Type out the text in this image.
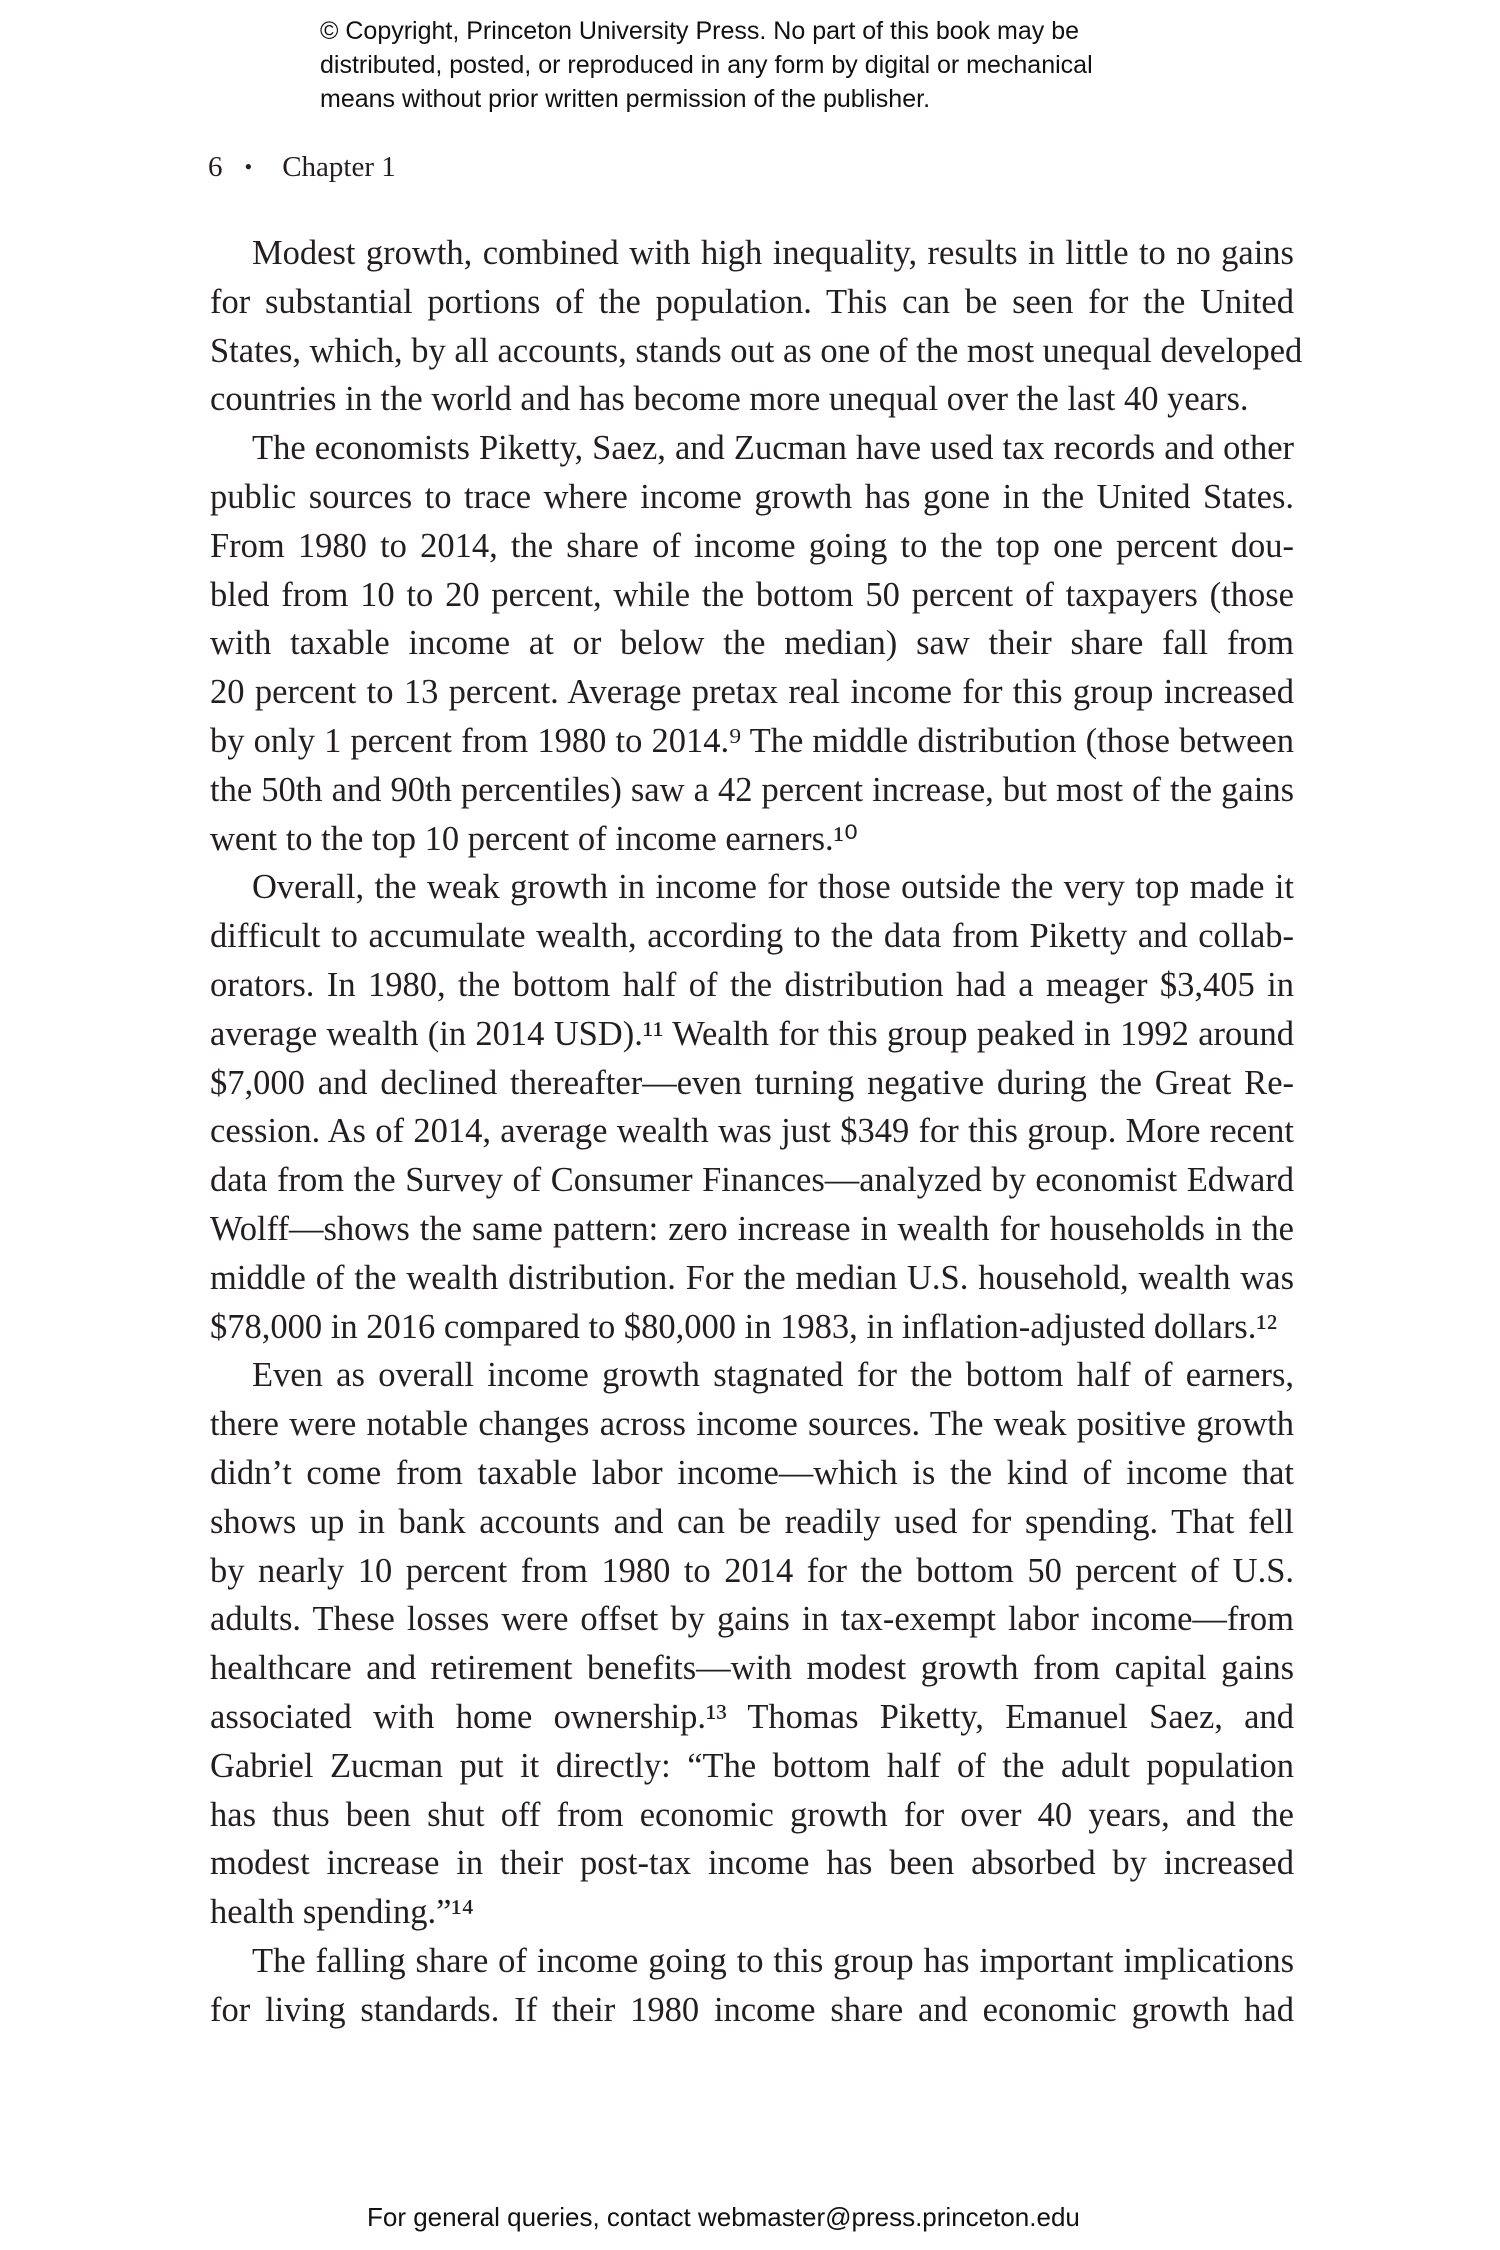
© Copyright, Princeton University Press. No part of this book may be
distributed, posted, or reproduced in any form by digital or mechanical
means without prior written permission of the publisher.
6 • Chapter 1
Modest growth, combined with high inequality, results in little to no gains
for substantial portions of the population. This can be seen for the United
States, which, by all accounts, stands out as one of the most unequal developed
countries in the world and has become more unequal over the last 40 years.
The economists Piketty, Saez, and Zucman have used tax records and other
public sources to trace where income growth has gone in the United States.
From 1980 to 2014, the share of income going to the top one percent dou-
bled from 10 to 20 percent, while the bottom 50 percent of taxpayers (those
with taxable income at or below the median) saw their share fall from
20 percent to 13 percent. Average pretax real income for this group increased
by only 1 percent from 1980 to 2014.⁹ The middle distribution (those between
the 50th and 90th percentiles) saw a 42 percent increase, but most of the gains
went to the top 10 percent of income earners.¹⁰
Overall, the weak growth in income for those outside the very top made it
difficult to accumulate wealth, according to the data from Piketty and collab-
orators. In 1980, the bottom half of the distribution had a meager $3,405 in
average wealth (in 2014 USD).¹¹ Wealth for this group peaked in 1992 around
$7,000 and declined thereafter—even turning negative during the Great Re-
cession. As of 2014, average wealth was just $349 for this group. More recent
data from the Survey of Consumer Finances—analyzed by economist Edward
Wolff—shows the same pattern: zero increase in wealth for households in the
middle of the wealth distribution. For the median U.S. household, wealth was
$78,000 in 2016 compared to $80,000 in 1983, in inflation-adjusted dollars.¹²
Even as overall income growth stagnated for the bottom half of earners,
there were notable changes across income sources. The weak positive growth
didn’t come from taxable labor income—which is the kind of income that
shows up in bank accounts and can be readily used for spending. That fell
by nearly 10 percent from 1980 to 2014 for the bottom 50 percent of U.S.
adults. These losses were offset by gains in tax-exempt labor income—from
healthcare and retirement benefits—with modest growth from capital gains
associated with home ownership.¹³ Thomas Piketty, Emanuel Saez, and
Gabriel Zucman put it directly: “The bottom half of the adult population
has thus been shut off from economic growth for over 40 years, and the
modest increase in their post-tax income has been absorbed by increased
health spending.”¹⁴
The falling share of income going to this group has important implications
for living standards. If their 1980 income share and economic growth had
For general queries, contact webmaster@press.princeton.edu
